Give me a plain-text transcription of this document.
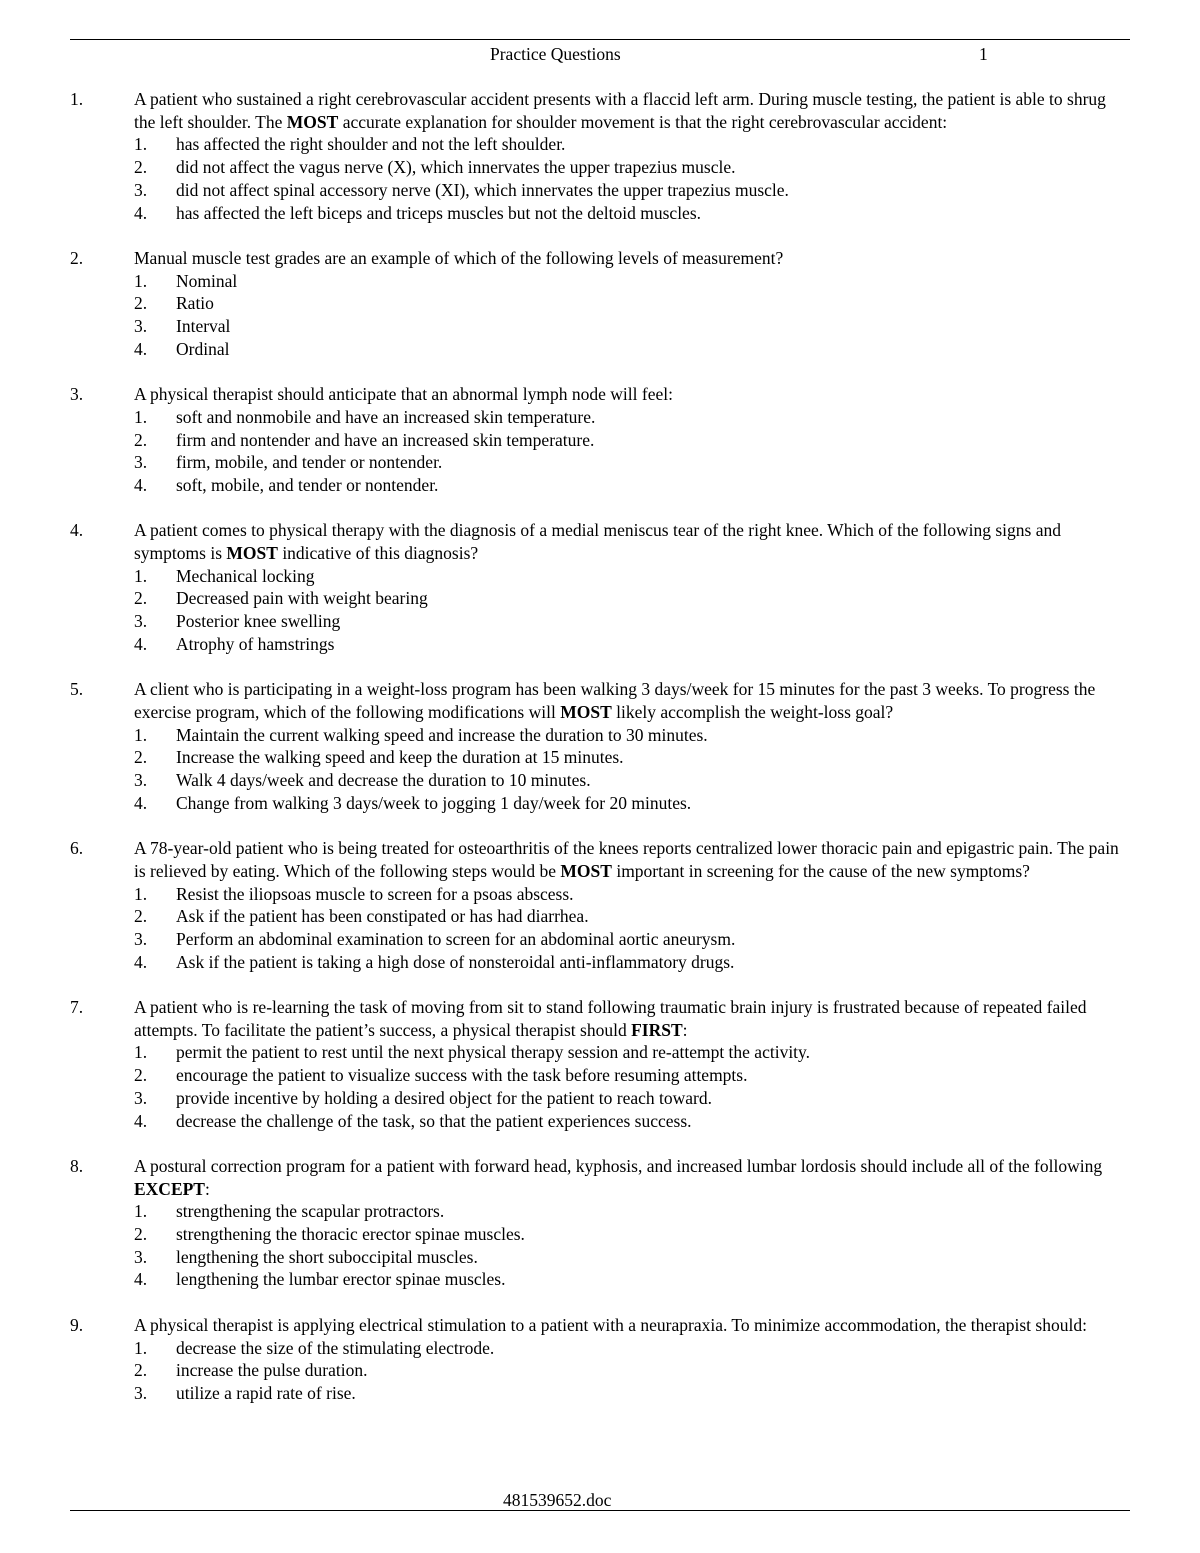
Practice Questions	1
1.	A patient who sustained a right cerebrovascular accident presents with a flaccid left arm. During muscle testing, the patient is able to shrug the left shoulder. The MOST accurate explanation for shoulder movement is that the right cerebrovascular accident:
1. has affected the right shoulder and not the left shoulder.
2. did not affect the vagus nerve (X), which innervates the upper trapezius muscle.
3. did not affect spinal accessory nerve (XI), which innervates the upper trapezius muscle.
4. has affected the left biceps and triceps muscles but not the deltoid muscles.
2.	Manual muscle test grades are an example of which of the following levels of measurement?
1. Nominal
2. Ratio
3. Interval
4. Ordinal
3.	A physical therapist should anticipate that an abnormal lymph node will feel:
1. soft and nonmobile and have an increased skin temperature.
2. firm and nontender and have an increased skin temperature.
3. firm, mobile, and tender or nontender.
4. soft, mobile, and tender or nontender.
4.	A patient comes to physical therapy with the diagnosis of a medial meniscus tear of the right knee. Which of the following signs and symptoms is MOST indicative of this diagnosis?
1. Mechanical locking
2. Decreased pain with weight bearing
3. Posterior knee swelling
4. Atrophy of hamstrings
5.	A client who is participating in a weight-loss program has been walking 3 days/week for 15 minutes for the past 3 weeks. To progress the exercise program, which of the following modifications will MOST likely accomplish the weight-loss goal?
1. Maintain the current walking speed and increase the duration to 30 minutes.
2. Increase the walking speed and keep the duration at 15 minutes.
3. Walk 4 days/week and decrease the duration to 10 minutes.
4. Change from walking 3 days/week to jogging 1 day/week for 20 minutes.
6.	A 78-year-old patient who is being treated for osteoarthritis of the knees reports centralized lower thoracic pain and epigastric pain. The pain is relieved by eating. Which of the following steps would be MOST important in screening for the cause of the new symptoms?
1. Resist the iliopsoas muscle to screen for a psoas abscess.
2. Ask if the patient has been constipated or has had diarrhea.
3. Perform an abdominal examination to screen for an abdominal aortic aneurysm.
4. Ask if the patient is taking a high dose of nonsteroidal anti-inflammatory drugs.
7.	A patient who is re-learning the task of moving from sit to stand following traumatic brain injury is frustrated because of repeated failed attempts. To facilitate the patient’s success, a physical therapist should FIRST:
1. permit the patient to rest until the next physical therapy session and re-attempt the activity.
2. encourage the patient to visualize success with the task before resuming attempts.
3. provide incentive by holding a desired object for the patient to reach toward.
4. decrease the challenge of the task, so that the patient experiences success.
8.	A postural correction program for a patient with forward head, kyphosis, and increased lumbar lordosis should include all of the following EXCEPT:
1. strengthening the scapular protractors.
2. strengthening the thoracic erector spinae muscles.
3. lengthening the short suboccipital muscles.
4. lengthening the lumbar erector spinae muscles.
9.	A physical therapist is applying electrical stimulation to a patient with a neurapraxia. To minimize accommodation, the therapist should:
1. decrease the size of the stimulating electrode.
2. increase the pulse duration.
3. utilize a rapid rate of rise.
481539652.doc
